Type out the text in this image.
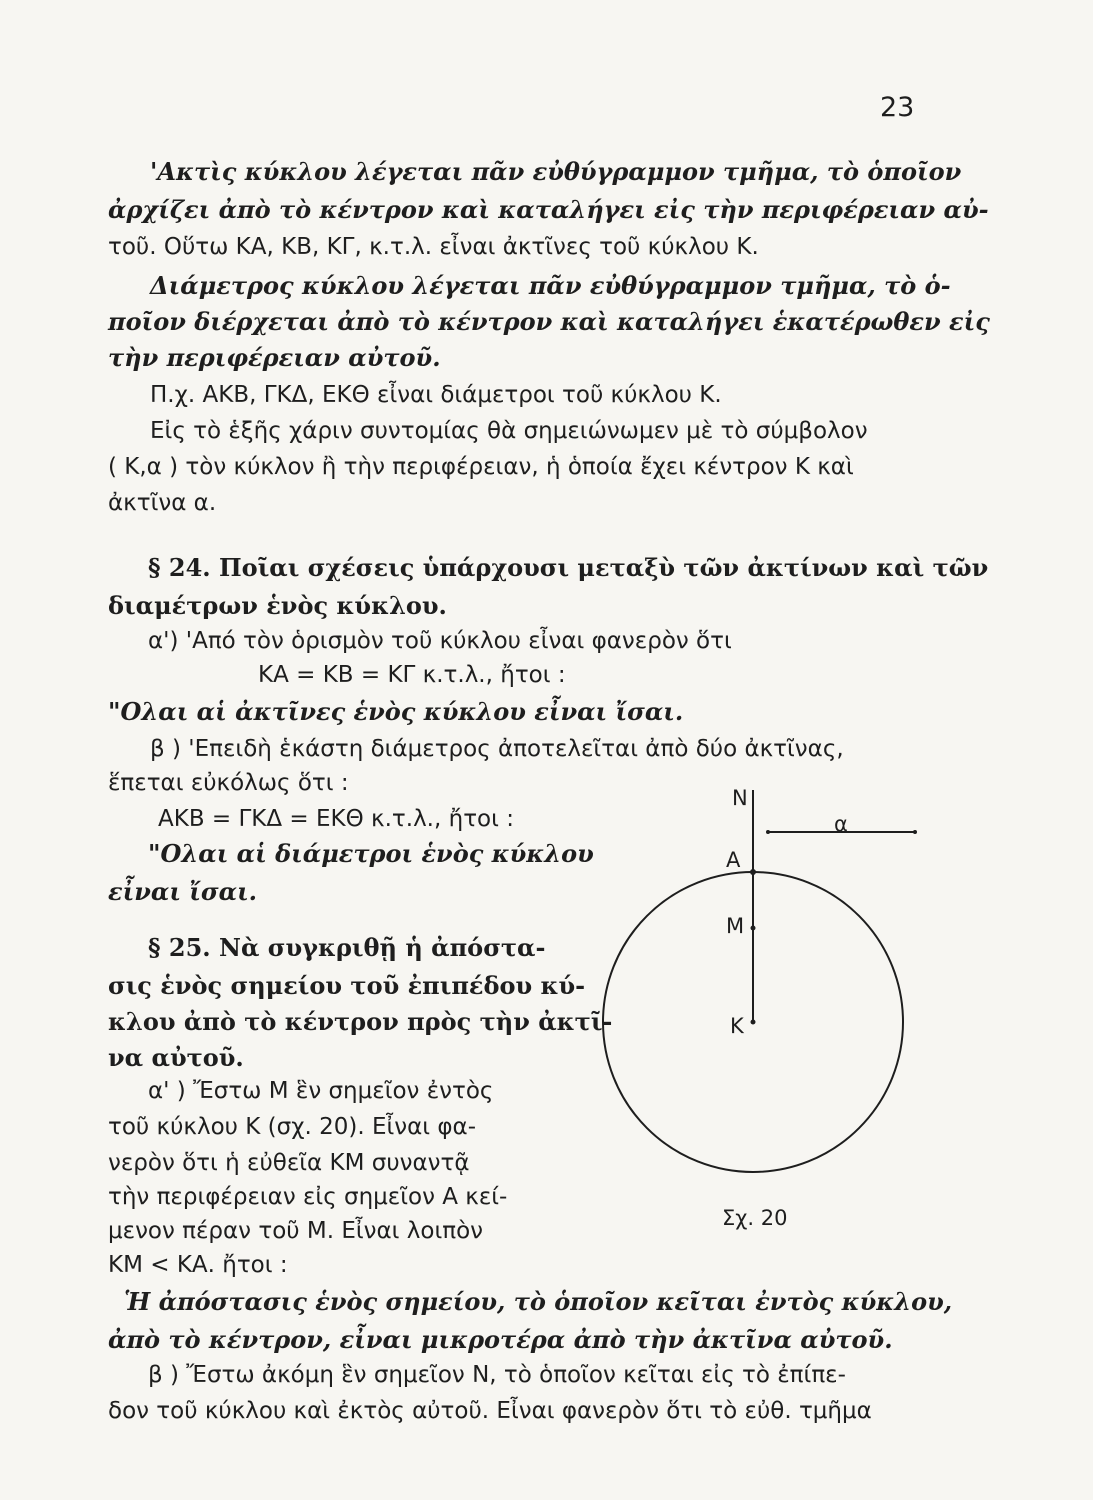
23
'Ακτὶς κύκλου λέγεται πᾶν εὐθύγραμμον τμῆμα, τὸ ὁποῖον
ἀρχίζει ἀπὸ τὸ κέντρον καὶ καταλήγει εἰς τὴν περιφέρειαν αὐ-
τοῦ. Οὕτω ΚΑ, ΚΒ, ΚΓ, κ.τ.λ. εἶναι ἀκτῖνες τοῦ κύκλου Κ.
Διάμετρος κύκλου λέγεται πᾶν εὐθύγραμμον τμῆμα, τὸ ὁ-
ποῖον διέρχεται ἀπὸ τὸ κέντρον καὶ καταλήγει ἑκατέρωθεν εἰς
τὴν περιφέρειαν αὐτοῦ.
Π.χ. ΑΚΒ, ΓΚΔ, ΕΚΘ εἶναι διάμετροι τοῦ κύκλου Κ.
Εἰς τὸ ἑξῆς χάριν συντομίας θὰ σημειώνωμεν μὲ τὸ σύμβολον
( Κ,α ) τὸν κύκλον ἢ τὴν περιφέρειαν, ἡ ὁποία ἔχει κέντρον Κ καὶ
ἀκτῖνα α.
§ 24. Ποῖαι σχέσεις ὑπάρχουσι μεταξὺ τῶν ἀκτίνων καὶ τῶν
διαμέτρων ἑνὸς κύκλου.
α') 'Από τὸν ὁρισμὸν τοῦ κύκλου εἶναι φανερὸν ὅτι
ΚΑ = ΚΒ = ΚΓ κ.τ.λ., ἤτοι :
"Ολαι αἱ ἀκτῖνες ἑνὸς κύκλου εἶναι ἴσαι.
β ) 'Επειδὴ ἑκάστη διάμετρος ἀποτελεῖται ἀπὸ δύο ἀκτῖνας,
ἕπεται εὐκόλως ὅτι :
ΑΚΒ = ΓΚΔ = ΕΚΘ κ.τ.λ., ἤτοι :
"Ολαι αἱ διάμετροι ἑνὸς κύκλου
εἶναι ἴσαι.
§ 25. Νὰ συγκριθῇ ἡ ἀπόστα-
σις ἑνὸς σημείου τοῦ ἐπιπέδου κύ-
κλου ἀπὸ τὸ κέντρον πρὸς τὴν ἀκτῖ-
να αὐτοῦ.
α' ) Ἔστω Μ ἓν σημεῖον ἐντὸς
τοῦ κύκλου Κ (σχ. 20). Εἶναι φα-
νερὸν ὅτι ἡ εὐθεῖα ΚΜ συναντᾷ
τὴν περιφέρειαν εἰς σημεῖον Α κεί-
μενον πέραν τοῦ Μ. Εἶναι λοιπὸν
ΚΜ < ΚΑ. ἤτοι :
Ἡ ἀπόστασις ἑνὸς σημείου, τὸ ὁποῖον κεῖται ἐντὸς κύκλου,
ἀπὸ τὸ κέντρον, εἶναι μικροτέρα ἀπὸ τὴν ἀκτῖνα αὐτοῦ.
β ) Ἔστω ἀκόμη ἓν σημεῖον Ν, τὸ ὁποῖον κεῖται εἰς τὸ ἐπίπε-
δον τοῦ κύκλου καὶ ἐκτὸς αὐτοῦ. Εἶναι φανερὸν ὅτι τὸ εὐθ. τμῆμα
Ν
Α
Μ
Κ
α
Σχ. 20
